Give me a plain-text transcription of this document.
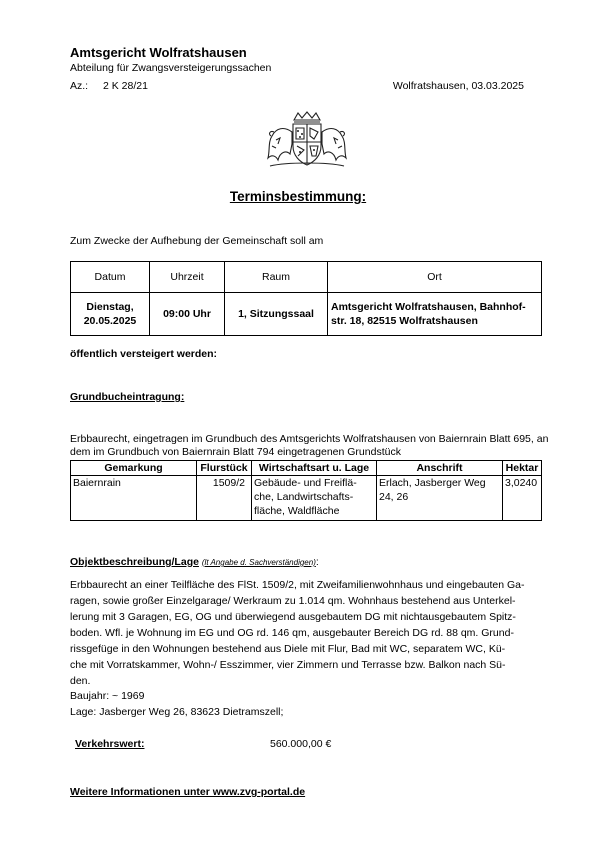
Amtsgericht Wolfratshausen
Abteilung für Zwangsversteigerungssachen
Az.: 2 K 28/21	Wolfratshausen, 03.03.2025
Terminsbestimmung:
Zum Zwecke der Aufhebung der Gemeinschaft soll am
Datum	Uhrzeit	Raum	Ort
Dienstag,
20.05.2025	09:00 Uhr	1, Sitzungssaal	Amtsgericht Wolfratshausen, Bahnhof-
str. 18, 82515 Wolfratshausen
öffentlich versteigert werden:
Grundbucheintragung:
Erbbaurecht, eingetragen im Grundbuch des Amtsgerichts Wolfratshausen von Baiernrain Blatt 695, an dem im Grundbuch von Baiernrain Blatt 794 eingetragenen Grundstück
Gemarkung	Flurstück	Wirtschaftsart u. Lage	Anschrift	Hektar
Baiernrain	1509/2	Gebäude- und Freiflä-
che, Landwirtschafts-
fläche, Waldfläche	Erlach, Jasberger Weg
24, 26	3,0240
Objektbeschreibung/Lage (lt Angabe d. Sachverständigen):
Erbbaurecht an einer Teilfläche des FlSt. 1509/2, mit Zweifamilienwohnhaus und eingebauten Ga-
ragen, sowie großer Einzelgarage/ Werkraum zu 1.014 qm. Wohnhaus bestehend aus Unterkel-
lerung mit 3 Garagen, EG, OG und überwiegend ausgebautem DG mit nichtausgebautem Spitz-
boden. Wfl. je Wohnung im EG und OG rd. 146 qm, ausgebauter Bereich DG rd. 88 qm. Grund-
rissgefüge in den Wohnungen bestehend aus Diele mit Flur, Bad mit WC, separatem WC, Kü-
che mit Vorratskammer, Wohn-/ Esszimmer, vier Zimmern und Terrasse bzw. Balkon nach Sü-
den.
Baujahr: ~ 1969
Lage: Jasberger Weg 26, 83623 Dietramszell;
Verkehrswert:	560.000,00 €
Weitere Informationen unter www.zvg-portal.de
